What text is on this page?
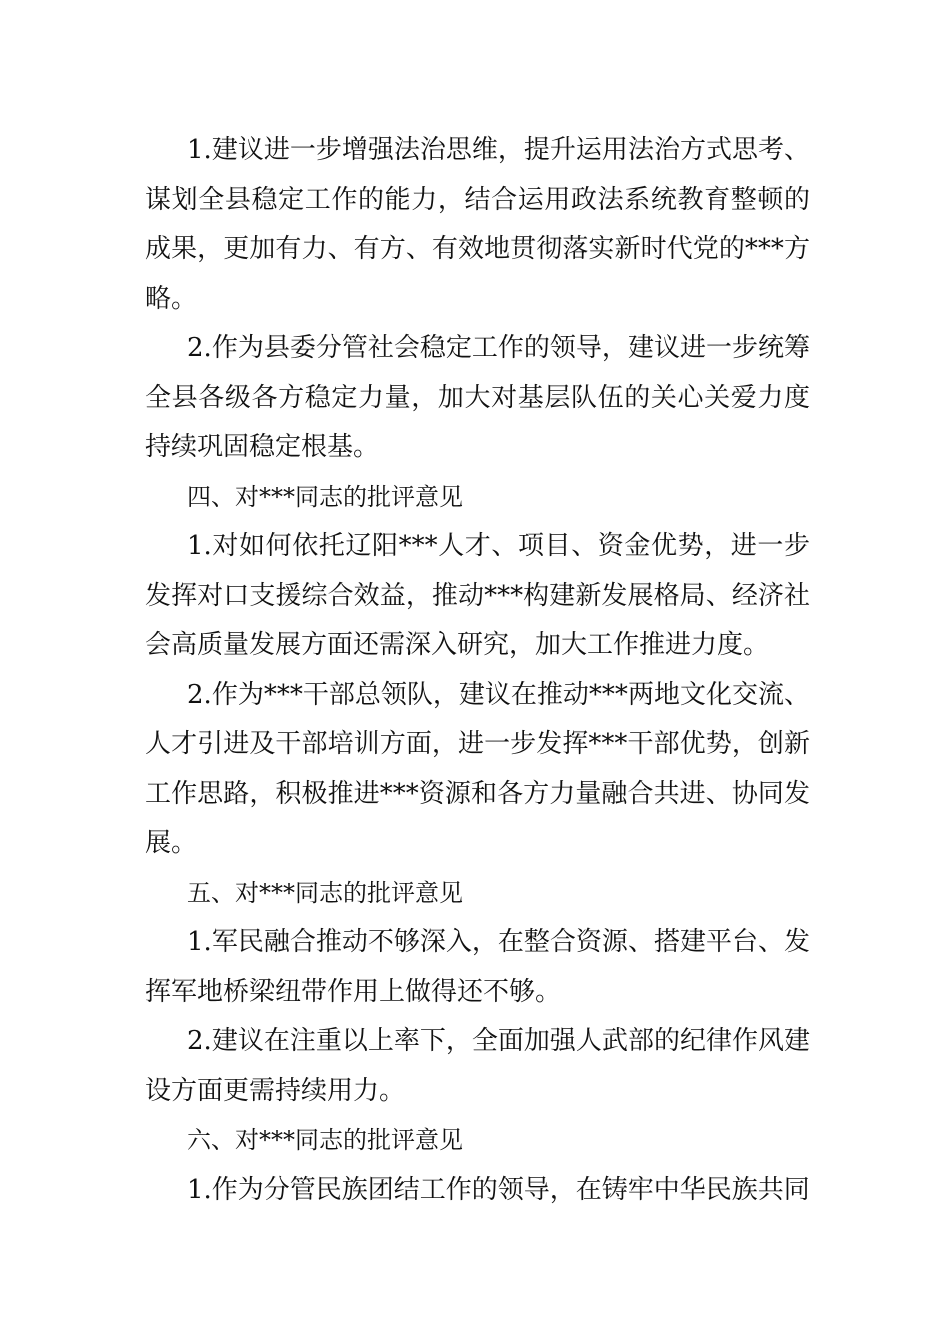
1.建议进一步增强法治思维，提升运用法治方式思考、谋划全县稳定工作的能力，结合运用政法系统教育整顿的成果，更加有力、有方、有效地贯彻落实新时代党的***方略。

2.作为县委分管社会稳定工作的领导，建议进一步统筹全县各级各方稳定力量，加大对基层队伍的关心关爱力度持续巩固稳定根基。

四、对***同志的批评意见

1.对如何依托辽阳***人才、项目、资金优势，进一步发挥对口支援综合效益，推动***构建新发展格局、经济社会高质量发展方面还需深入研究，加大工作推进力度。

2.作为***干部总领队，建议在推动***两地文化交流、人才引进及干部培训方面，进一步发挥***干部优势，创新工作思路，积极推进***资源和各方力量融合共进、协同发展。

五、对***同志的批评意见

1.军民融合推动不够深入，在整合资源、搭建平台、发挥军地桥梁纽带作用上做得还不够。

2.建议在注重以上率下，全面加强人武部的纪律作风建设方面更需持续用力。

六、对***同志的批评意见

1.作为分管民族团结工作的领导，在铸牢中华民族共同
